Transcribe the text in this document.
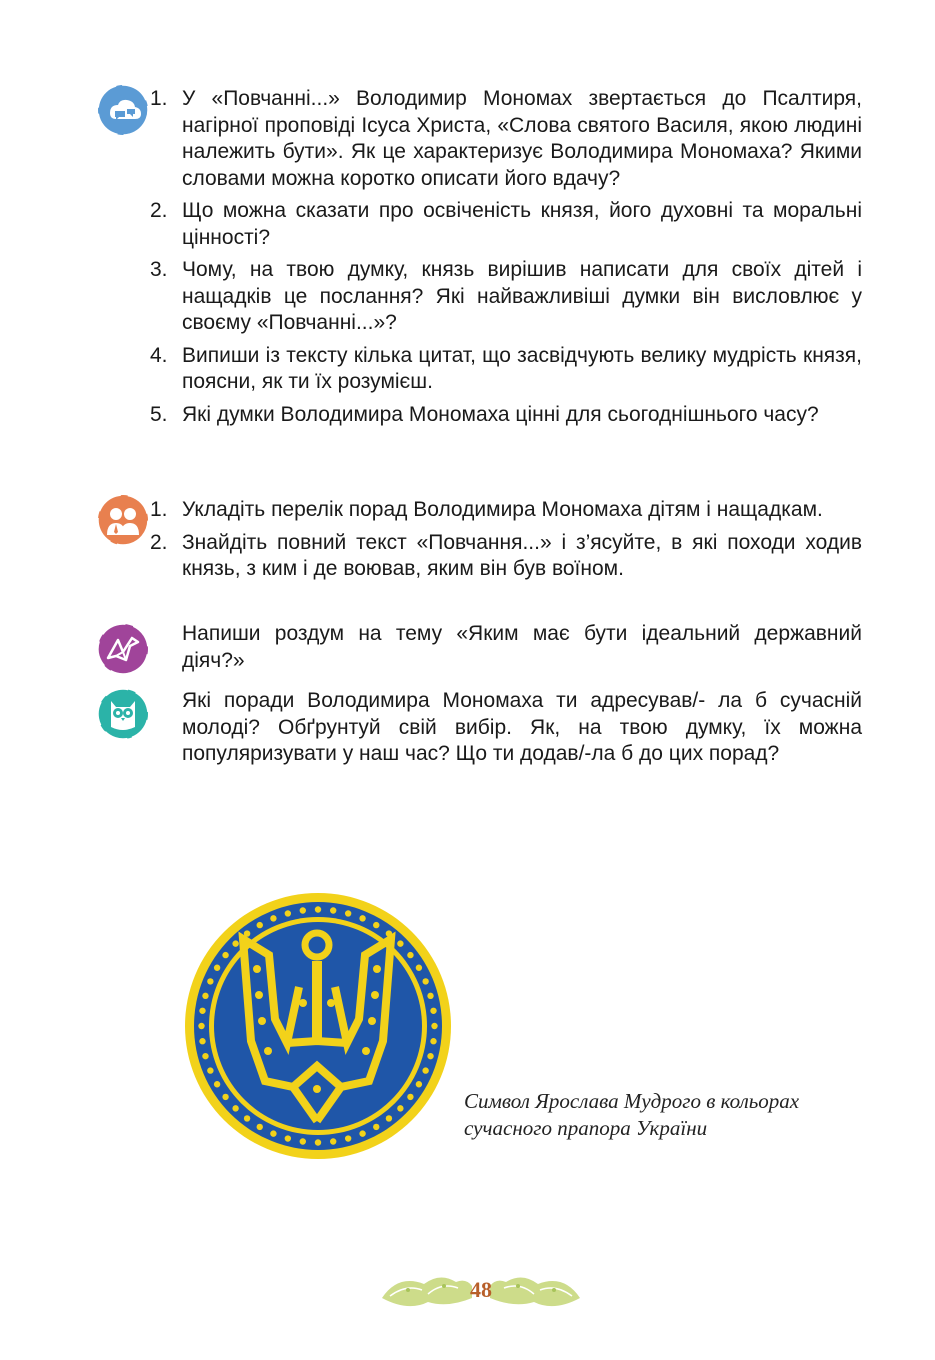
1. У «Повчанні...» Володимир Мономах звертається до Псалтиря, нагірної проповіді Ісуса Христа, «Слова святого Василя, якою людині належить бути». Як це характеризує Володимира Мономаха? Якими словами можна коротко описати його вдачу?
2. Що можна сказати про освіченість князя, його духовні та моральні цінності?
3. Чому, на твою думку, князь вирішив написати для своїх дітей і нащадків це послання? Які найважливіші думки він висловлює у своєму «Повчанні...»?
4. Випиши із тексту кілька цитат, що засвідчують велику мудрість князя, поясни, як ти їх розумієш.
5. Які думки Володимира Мономаха цінні для сьогоднішнього часу?
1. Укладіть перелік порад Володимира Мономаха дітям і нащадкам.
2. Знайдіть повний текст «Повчання...» і з’ясуйте, в які походи ходив князь, з ким і де воював, яким він був воїном.

Напиши роздум на тему «Яким має бути ідеальний державний діяч?»

Які поради Володимира Мономаха ти адресував/- ла б сучасній молоді? Обґрунтуй свій вибір. Як, на твою думку, їх можна популяризувати у наш час? Що ти додав/-ла б до цих порад?

Символ Ярослава Мудрого в кольорах
сучасного прапора України
48
